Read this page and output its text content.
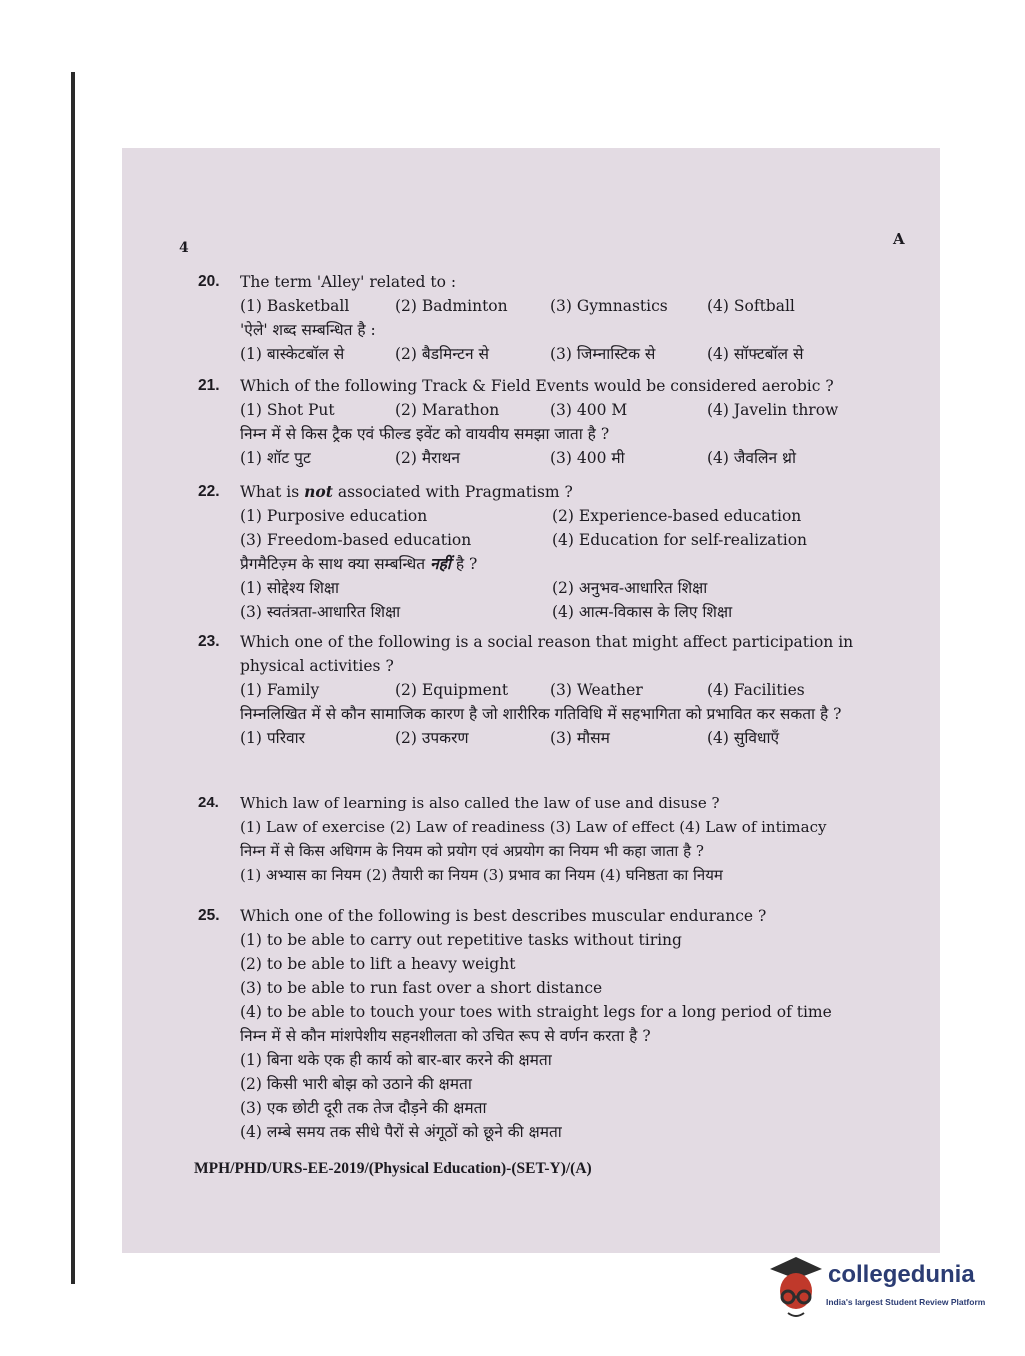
4	A
20. The term 'Alley' related to :
(1) Basketball	(2) Badminton	(3) Gymnastics	(4) Softball
'ऐले' शब्द सम्बन्धित है :
(1) बास्केटबॉल से	(2) बैडमिन्टन से	(3) जिम्नास्टिक से	(4) सॉफ्टबॉल से
21. Which of the following Track & Field Events would be considered aerobic ?
(1) Shot Put	(2) Marathon	(3) 400 M	(4) Javelin throw
निम्न में से किस ट्रैक एवं फील्ड इवेंट को वायवीय समझा जाता है ?
(1) शॉट पुट	(2) मैराथन	(3) 400 मी	(4) जैवलिन थ्रो
22. What is not associated with Pragmatism ?
(1) Purposive education	(2) Experience-based education
(3) Freedom-based education	(4) Education for self-realization
प्रैगमैटिज़्म के साथ क्या सम्बन्धित नहीं है ?
(1) सोद्देश्य शिक्षा	(2) अनुभव-आधारित शिक्षा
(3) स्वतंत्रता-आधारित शिक्षा	(4) आत्म-विकास के लिए शिक्षा
23. Which one of the following is a social reason that might affect participation in physical activities ?
(1) Family	(2) Equipment	(3) Weather	(4) Facilities
निम्नलिखित में से कौन सामाजिक कारण है जो शारीरिक गतिविधि में सहभागिता को प्रभावित कर सकता है ?
(1) परिवार	(2) उपकरण	(3) मौसम	(4) सुविधाएँ
24. Which law of learning is also called the law of use and disuse ?
(1) Law of exercise (2) Law of readiness (3) Law of effect (4) Law of intimacy
निम्न में से किस अधिगम के नियम को प्रयोग एवं अप्रयोग का नियम भी कहा जाता है ?
(1) अभ्यास का नियम (2) तैयारी का नियम (3) प्रभाव का नियम (4) घनिष्ठता का नियम
25. Which one of the following is best describes muscular endurance ?
(1) to be able to carry out repetitive tasks without tiring
(2) to be able to lift a heavy weight
(3) to be able to run fast over a short distance
(4) to be able to touch your toes with straight legs for a long period of time
निम्न में से कौन मांशपेशीय सहनशीलता को उचित रूप से वर्णन करता है ?
(1) बिना थके एक ही कार्य को बार-बार करने की क्षमता
(2) किसी भारी बोझ को उठाने की क्षमता
(3) एक छोटी दूरी तक तेज दौड़ने की क्षमता
(4) लम्बे समय तक सीधे पैरों से अंगूठों को छूने की क्षमता
MPH/PHD/URS-EE-2019/(Physical Education)-(SET-Y)/(A)
collegedunia
India's largest Student Review Platform
